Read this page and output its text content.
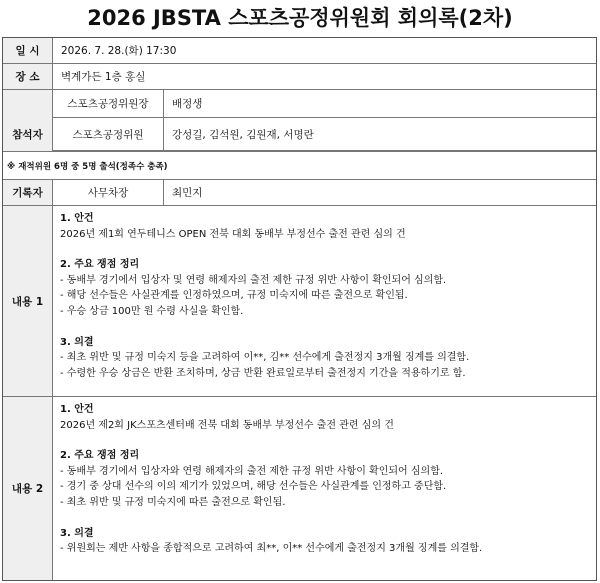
2026 JBSTA 스포츠공정위원회 회의록(2차)
일 시	2026. 7. 28.(화) 17:30
장 소	벽계가든 1층 홍실
참석자
스포츠공정위원장	배정생
스포츠공정위원	강성길, 김석원, 김원재, 서명란
※ 재적위원 6명 중 5명 출석(정족수 충족)
기록자	사무차장	최민지
내용 1
1. 안건
2026년 제1회 연두테니스 OPEN 전북 대회 동배부 부정선수 출전 관련 심의 건
2. 주요 쟁점 정리
- 동배부 경기에서 입상자 및 연령 해제자의 출전 제한 규정 위반 사항이 확인되어 심의함.
- 해당 선수들은 사실관계를 인정하였으며, 규정 미숙지에 따른 출전으로 확인됨.
- 우승 상금 100만 원 수령 사실을 확인함.
3. 의결
- 최초 위반 및 규정 미숙지 등을 고려하여 이**, 김** 선수에게 출전정지 3개월 징계를 의결함.
- 수령한 우승 상금은 반환 조치하며, 상금 반환 완료일로부터 출전정지 기간을 적용하기로 함.
내용 2
1. 안건
2026년 제2회 JK스포츠센터배 전북 대회 동배부 부정선수 출전 관련 심의 건
2. 주요 쟁점 정리
- 동배부 경기에서 입상자와 연령 해제자의 출전 제한 규정 위반 사항이 확인되어 심의함.
- 경기 중 상대 선수의 이의 제기가 있었으며, 해당 선수들은 사실관계를 인정하고 중단함.
- 최초 위반 및 규정 미숙지에 따른 출전으로 확인됨.
3. 의결
- 위원회는 제반 사항을 종합적으로 고려하여 최**, 이** 선수에게 출전정지 3개월 징계를 의결함.
